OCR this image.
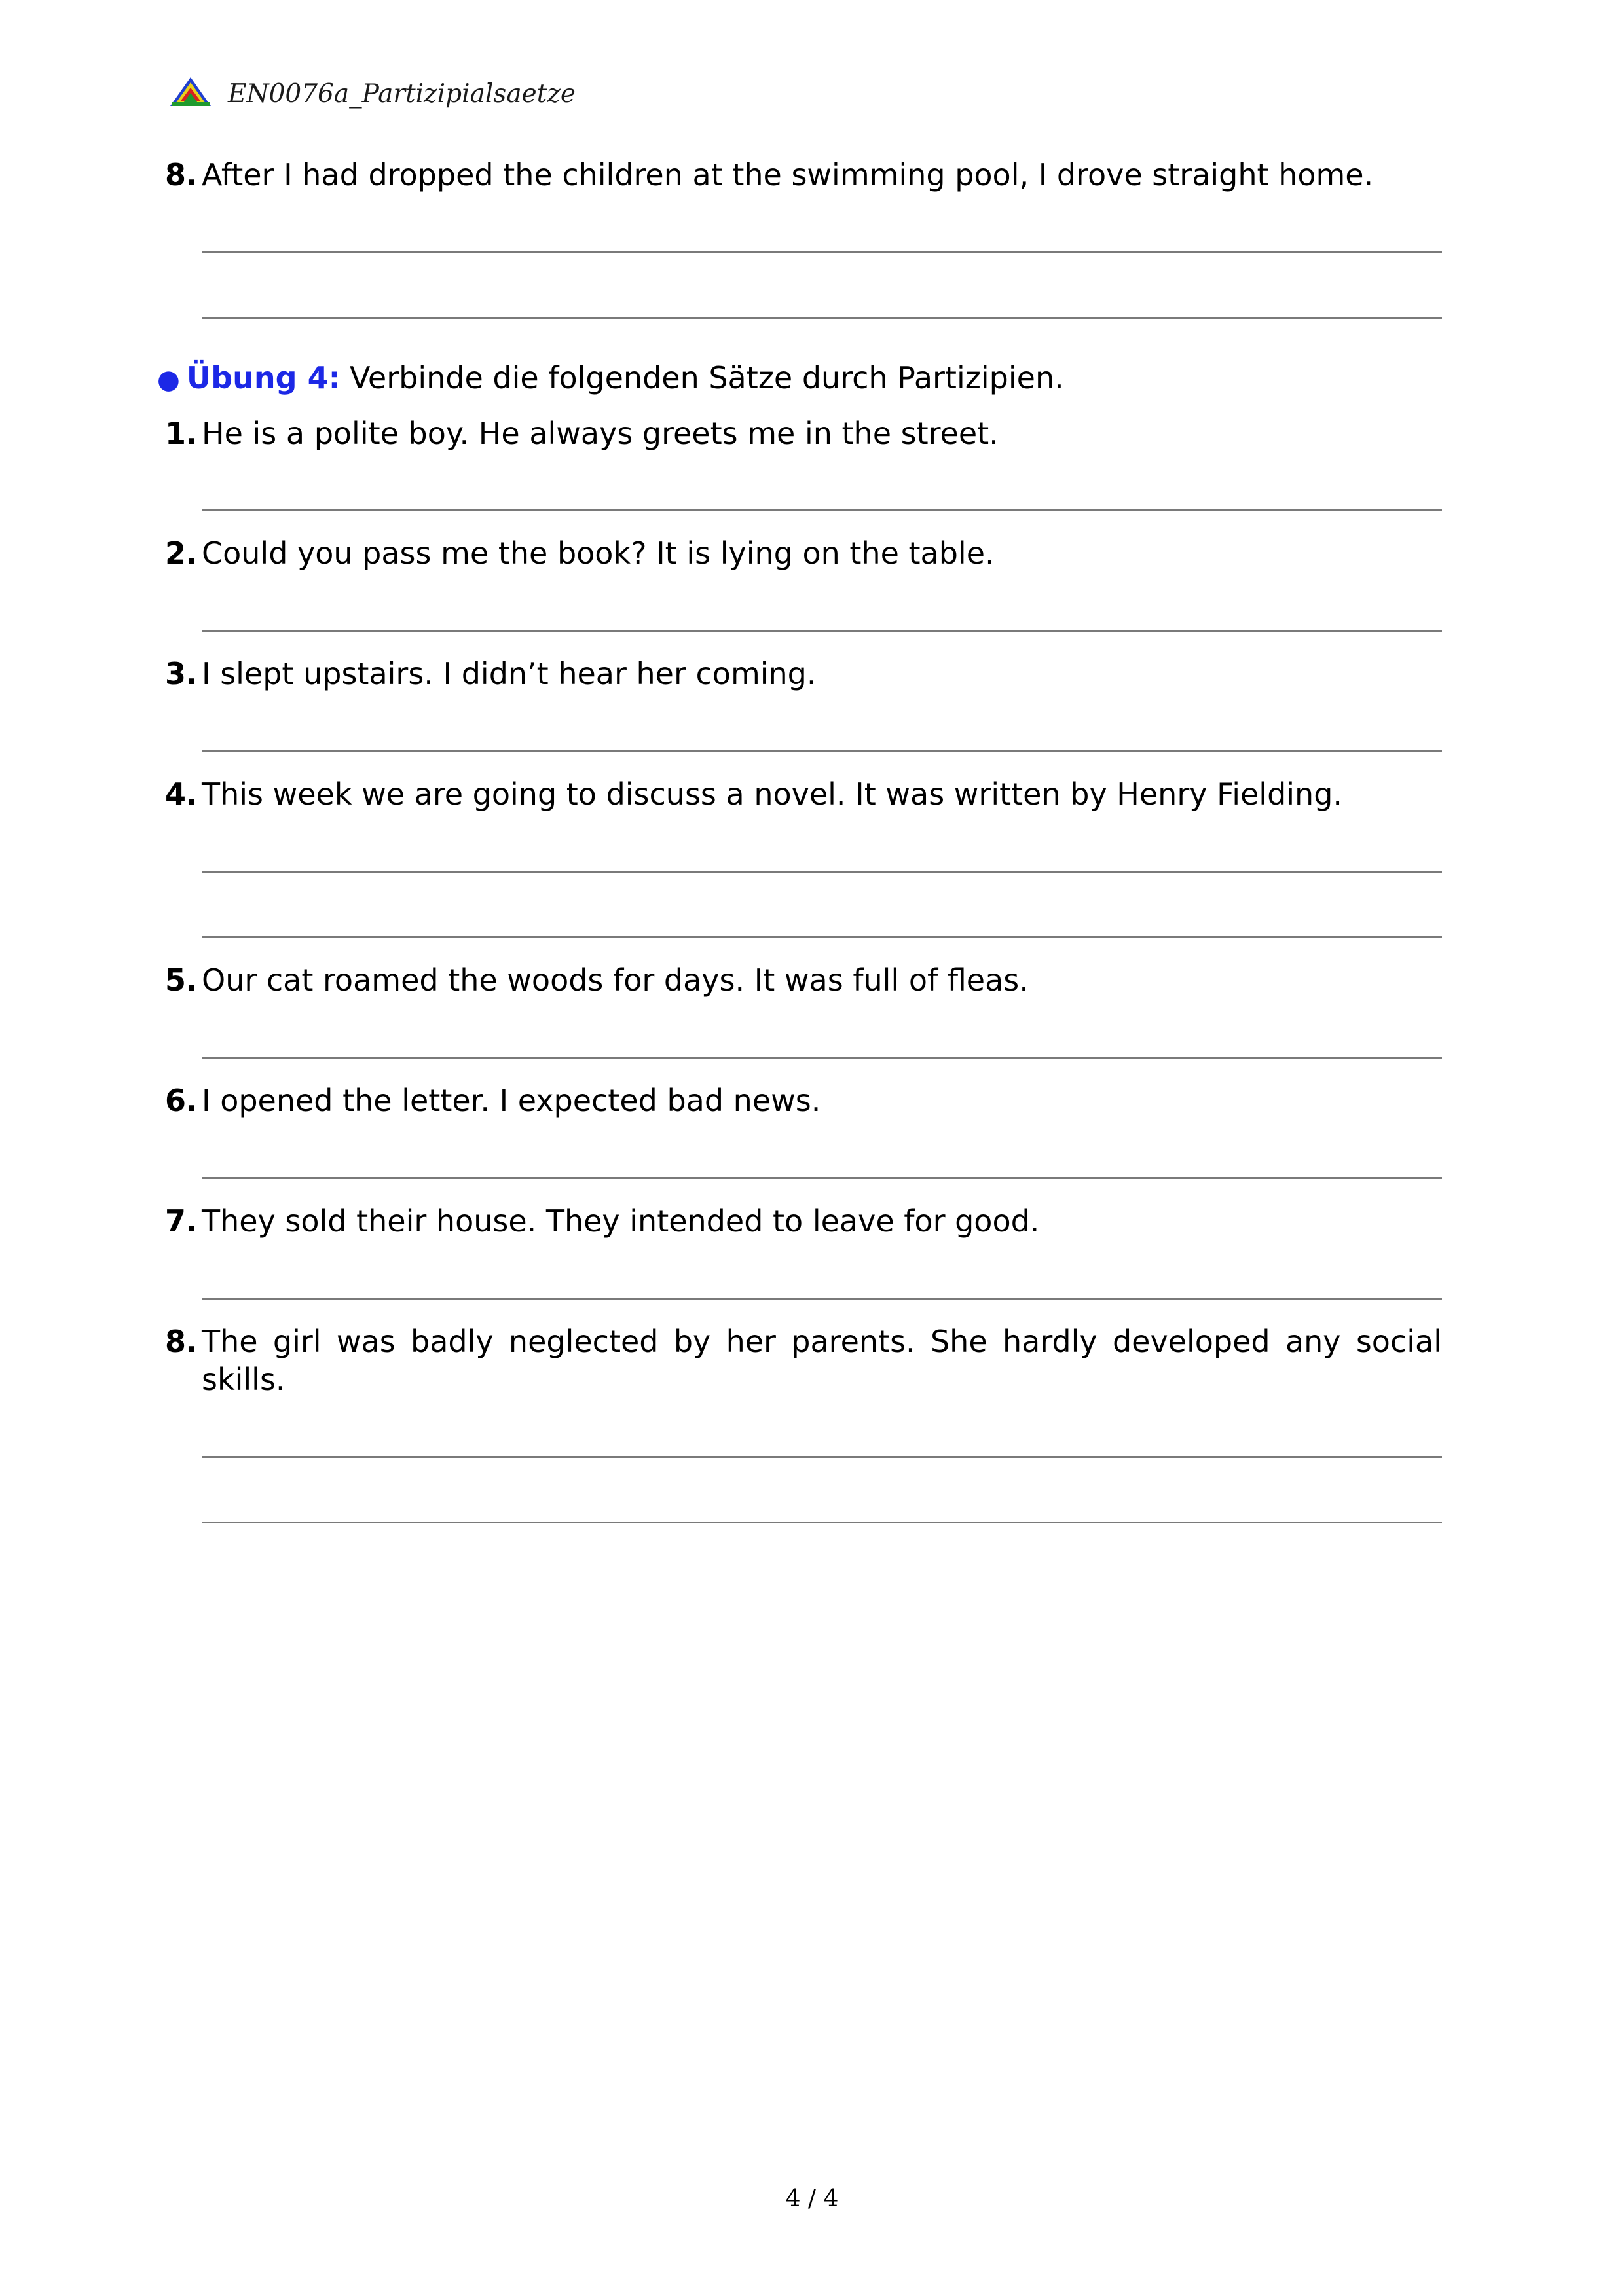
EN0076a_Partizipialsaetze
8. After I had dropped the children at the swimming pool, I drove straight home.
● Übung 4: Verbinde die folgenden Sätze durch Partizipien.
1. He is a polite boy. He always greets me in the street.
2. Could you pass me the book? It is lying on the table.
3. I slept upstairs. I didn’t hear her coming.
4. This week we are going to discuss a novel. It was written by Henry Fielding.
5. Our cat roamed the woods for days. It was full of fleas.
6. I opened the letter. I expected bad news.
7. They sold their house. They intended to leave for good.
8. The girl was badly neglected by her parents. She hardly developed any social skills.
4 / 4
